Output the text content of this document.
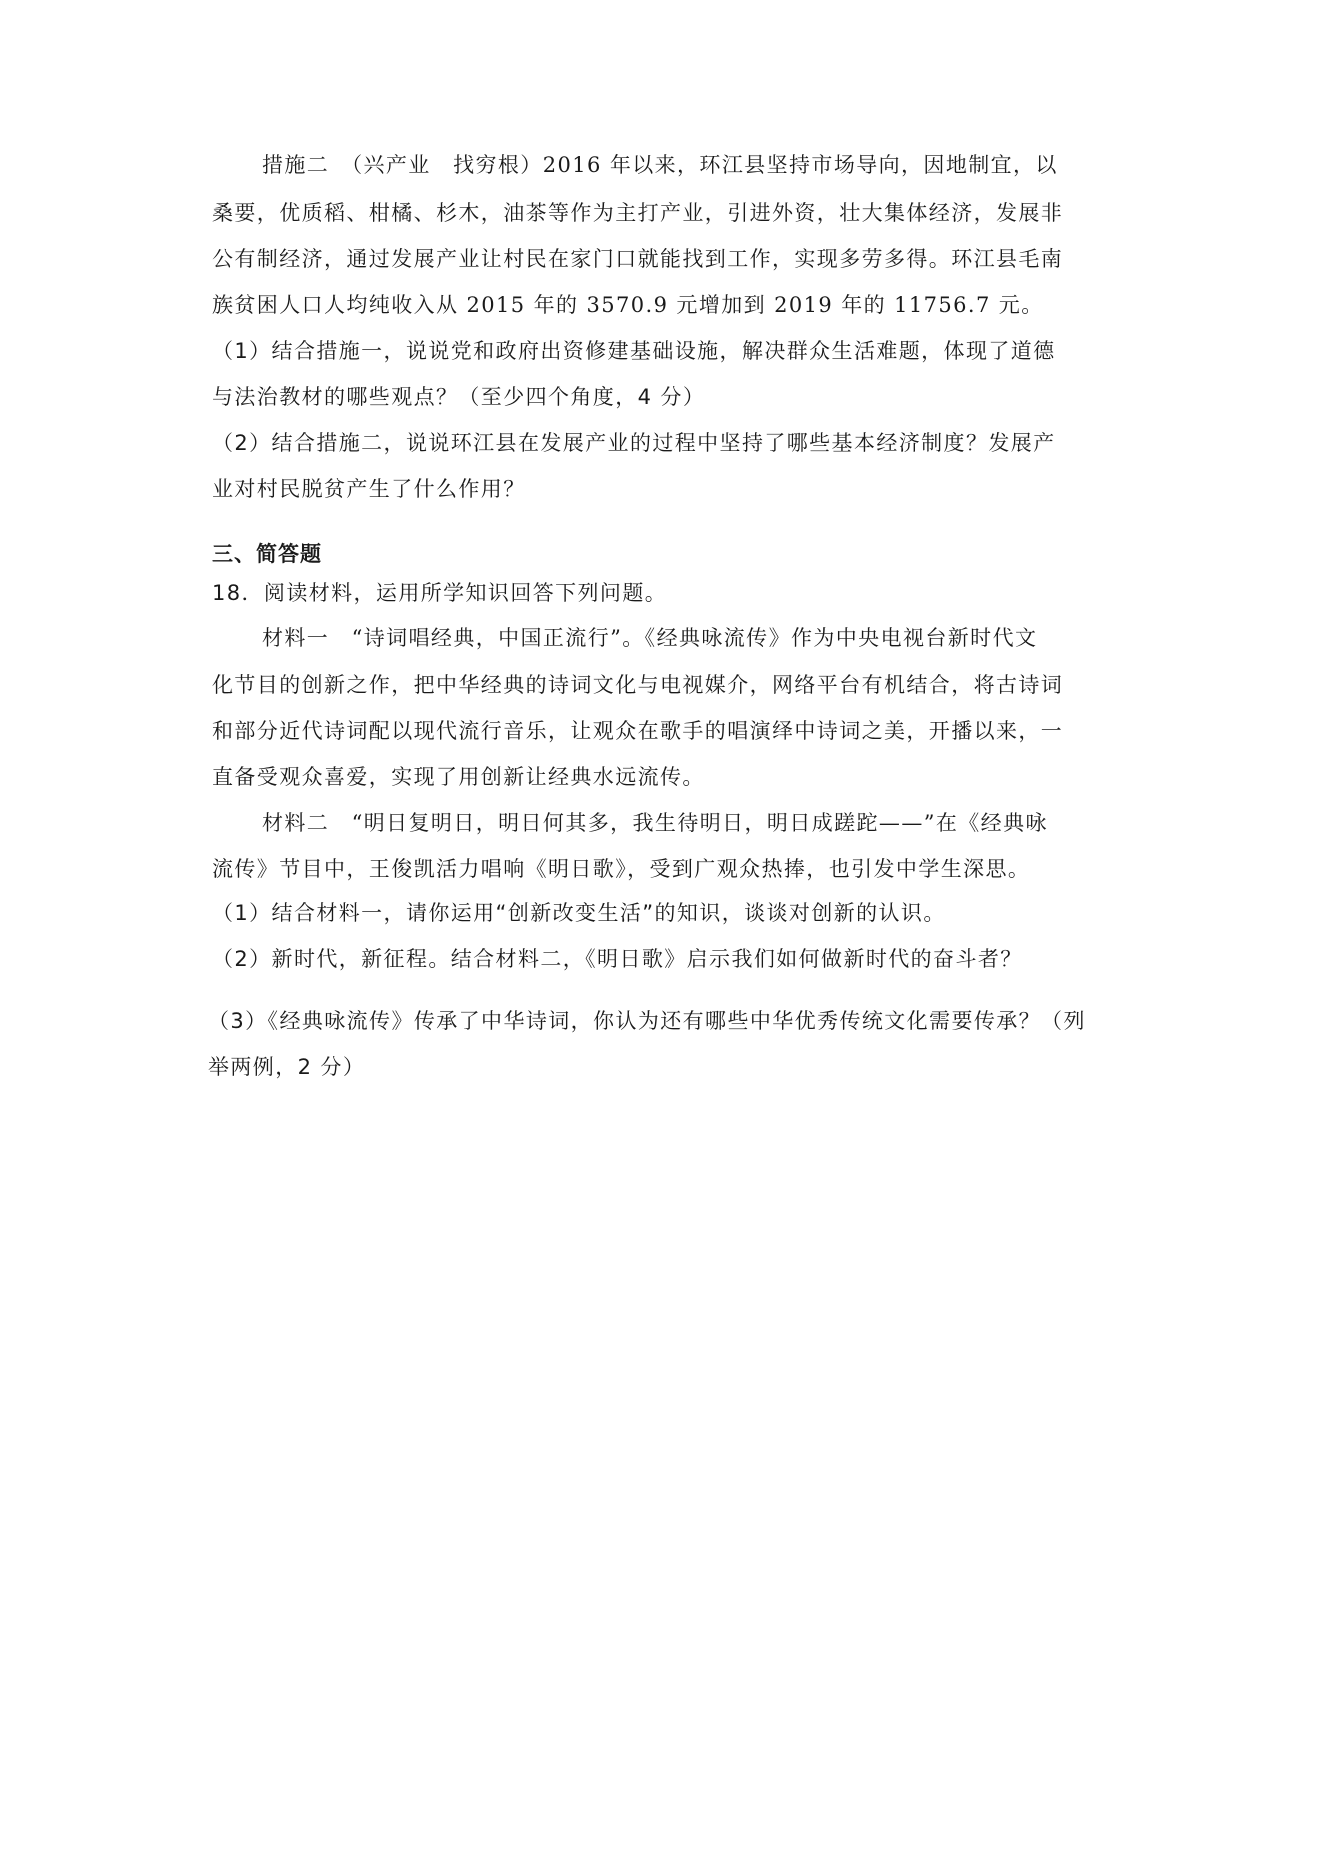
措施二　（兴产业　找穷根）2016 年以来，环江县坚持市场导向，因地制宜，以
桑要，优质稻、柑橘、杉木，油茶等作为主打产业，引进外资，壮大集体经济，发展非
公有制经济，通过发展产业让村民在家门口就能找到工作，实现多劳多得。环江县毛南
族贫困人口人均纯收入从 2015 年的 3570.9 元增加到 2019 年的 11756.7 元。
（1）结合措施一，说说党和政府出资修建基础设施，解决群众生活难题，体现了道德
与法治教材的哪些观点？（至少四个角度，4 分）
（2）结合措施二，说说环江县在发展产业的过程中坚持了哪些基本经济制度？发展产
业对村民脱贫产生了什么作用？
三、简答题
18．阅读材料，运用所学知识回答下列问题。
材料一　“诗词唱经典，中国正流行”。《经典咏流传》作为中央电视台新时代文
化节目的创新之作，把中华经典的诗词文化与电视媒介，网络平台有机结合，将古诗词
和部分近代诗词配以现代流行音乐，让观众在歌手的唱演绎中诗词之美，开播以来，一
直备受观众喜爱，实现了用创新让经典水远流传。
材料二　“明日复明日，明日何其多，我生待明日，明日成蹉跎——”在《经典咏
流传》节目中，王俊凯活力唱响《明日歌》，受到广观众热捧，也引发中学生深思。
（1）结合材料一，请你运用“创新改变生活”的知识，谈谈对创新的认识。
（2）新时代，新征程。结合材料二，《明日歌》启示我们如何做新时代的奋斗者？
（3）《经典咏流传》传承了中华诗词，你认为还有哪些中华优秀传统文化需要传承？（列
举两例，2 分）
